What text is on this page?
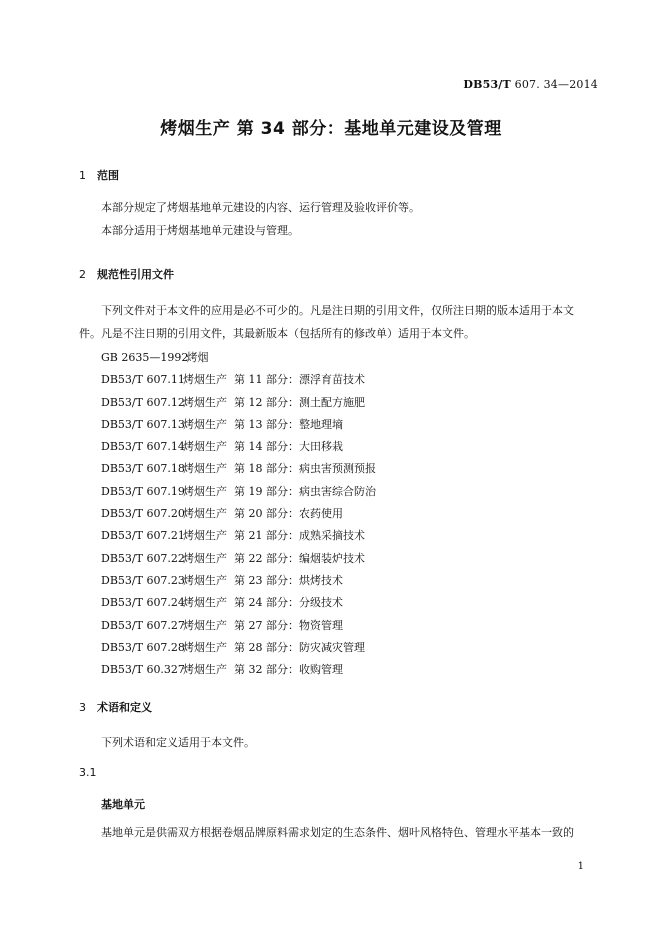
DB53/T 607. 34—2014
烤烟生产 第 34 部分：基地单元建设及管理
1 范围
本部分规定了烤烟基地单元建设的内容、运行管理及验收评价等。
本部分适用于烤烟基地单元建设与管理。
2 规范性引用文件
下列文件对于本文件的应用是必不可少的。凡是注日期的引用文件，仅所注日期的版本适用于本文
件。凡是不注日期的引用文件，其最新版本（包括所有的修改单）适用于本文件。
GB 2635—1992 烤烟
DB53/T 607.11烤烟生产  第 11 部分：漂浮育苗技术
DB53/T 607.12烤烟生产  第 12 部分：测土配方施肥
DB53/T 607.13烤烟生产  第 13 部分：整地理墒
DB53/T 607.14烤烟生产  第 14 部分：大田移栽
DB53/T 607.18烤烟生产  第 18 部分：病虫害预测预报
DB53/T 607.19烤烟生产  第 19 部分：病虫害综合防治
DB53/T 607.20烤烟生产  第 20 部分：农药使用
DB53/T 607.21烤烟生产  第 21 部分：成熟采摘技术
DB53/T 607.22烤烟生产  第 22 部分：编烟装炉技术
DB53/T 607.23烤烟生产  第 23 部分：烘烤技术
DB53/T 607.24烤烟生产  第 24 部分：分级技术
DB53/T 607.27烤烟生产  第 27 部分：物资管理
DB53/T 607.28烤烟生产  第 28 部分：防灾减灾管理
DB53/T 60.327烤烟生产  第 32 部分：收购管理
3 术语和定义
下列术语和定义适用于本文件。
3.1
基地单元
基地单元是供需双方根据卷烟品牌原料需求划定的生态条件、烟叶风格特色、管理水平基本一致的
1
